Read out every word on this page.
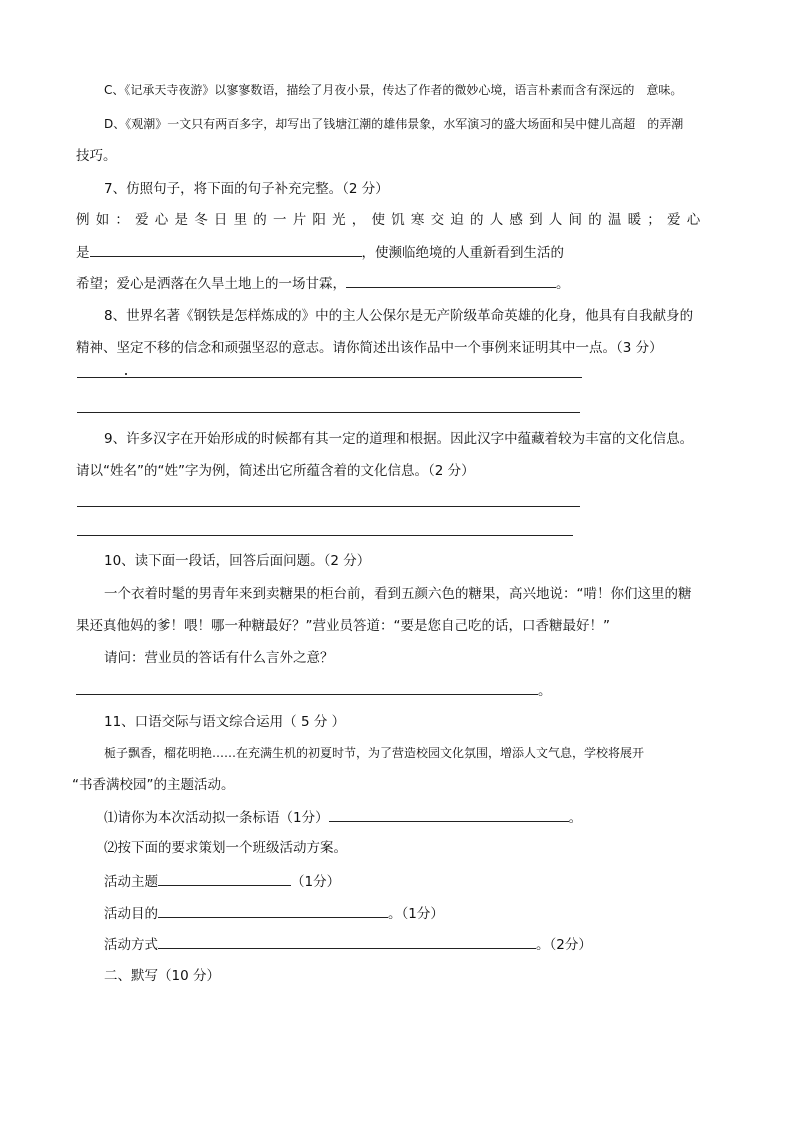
C、《记承天寺夜游》以寥寥数语，描绘了月夜小景，传达了作者的微妙心境，语言朴素而含有深远的　意味。
D、《观潮》一文只有两百多字，却写出了钱塘江潮的雄伟景象，水军演习的盛大场面和吴中健儿高超　的弄潮
技巧。
7、仿照句子，将下面的句子补充完整。（2 分）
例如：爱心是冬日里的一片阳光，使饥寒交迫的人感到人间的温暖；爱心
是	，使濒临绝境的人重新看到生活的
希望；爱心是洒落在久旱土地上的一场甘霖，	。
8、世界名著《钢铁是怎样炼成的》中的主人公保尔是无产阶级革命英雄的化身，他具有自我献身的
精神、坚定不移的信念和顽强坚忍的意志。请你简述出该作品中一个事例来证明其中一点。（3 分）
9、许多汉字在开始形成的时候都有其一定的道理和根据。因此汉字中蕴藏着较为丰富的文化信息。
请以“姓名”的“姓”字为例，简述出它所蕴含着的文化信息。（2 分）
10、读下面一段话，回答后面问题。（2 分）
一个衣着时髦的男青年来到卖糖果的柜台前，看到五颜六色的糖果，高兴地说：“啃！你们这里的糖
果还真他妈的爹！喂！哪一种糖最好？”营业员答道：“要是您自己吃的话，口香糖最好！”
请问：营业员的答话有什么言外之意？
。
11、口语交际与语文综合运用（ 5 分 ）
栀子飘香，榴花明艳……在充满生机的初夏时节，为了营造校园文化氛围，增添人文气息，学校将展开
“书香满校园”的主题活动。
⑴请你为本次活动拟一条标语（1分）	。
⑵按下面的要求策划一个班级活动方案。
活动主题	（1分）
活动目的	。（1分）
活动方式	。（2分）
二、默写（10 分）
